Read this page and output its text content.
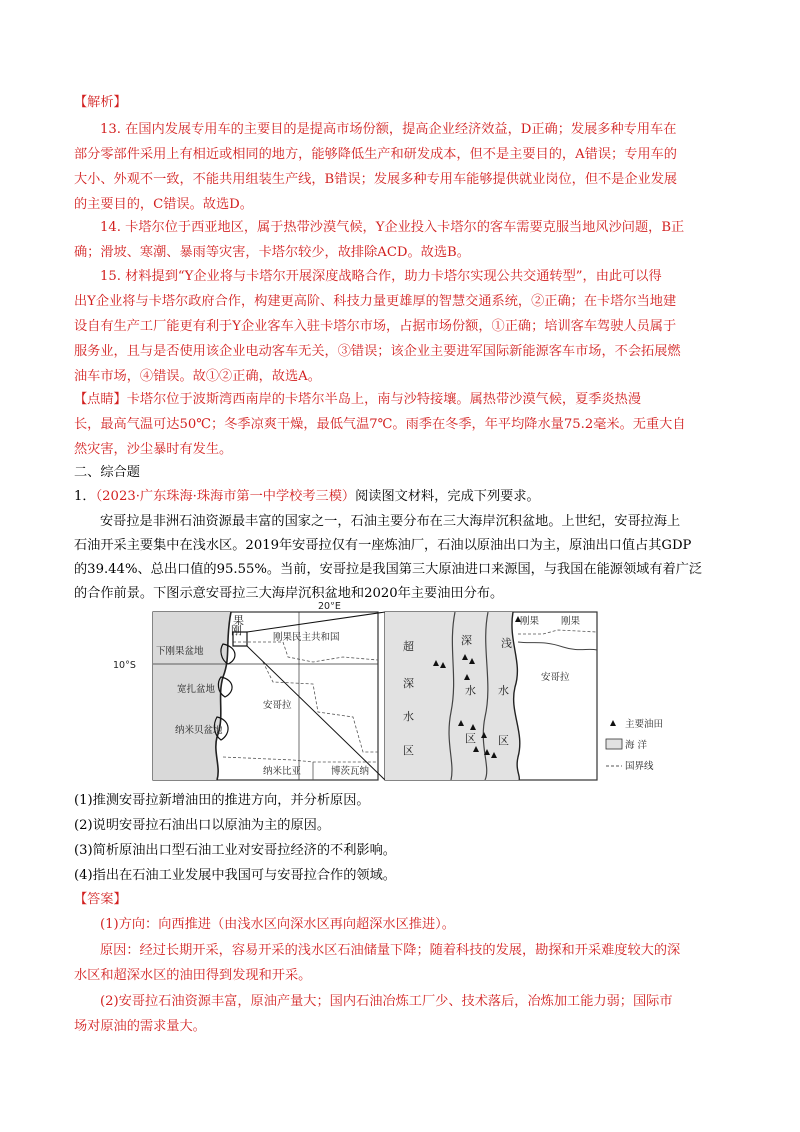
【解析】
13. 在国内发展专用车的主要目的是提高市场份额，提高企业经济效益，D正确；发展多种专用车在
部分零部件采用上有相近或相同的地方，能够降低生产和研发成本，但不是主要目的，A错误；专用车的
大小、外观不一致，不能共用组装生产线，B错误；发展多种专用车能够提供就业岗位，但不是企业发展
的主要目的，C错误。故选D。
14. 卡塔尔位于西亚地区，属于热带沙漠气候，Y企业投入卡塔尔的客车需要克服当地风沙问题，B正
确；滑坡、寒潮、暴雨等灾害，卡塔尔较少，故排除ACD。故选B。
15. 材料提到“Y企业将与卡塔尔开展深度战略合作，助力卡塔尔实现公共交通转型”，由此可以得
出Y企业将与卡塔尔政府合作，构建更高阶、科技力量更雄厚的智慧交通系统，②正确；在卡塔尔当地建
设自有生产工厂能更有利于Y企业客车入驻卡塔尔市场，占据市场份额，①正确；培训客车驾驶人员属于
服务业，且与是否使用该企业电动客车无关，③错误；该企业主要进军国际新能源客车市场，不会拓展燃
油车市场，④错误。故①②正确，故选A。
【点睛】卡塔尔位于波斯湾西南岸的卡塔尔半岛上，南与沙特接壤。属热带沙漠气候，夏季炎热漫
长，最高气温可达50℃；冬季凉爽干燥，最低气温7℃。雨季在冬季，年平均降水量75.2毫米。无重大自
然灾害，沙尘暴时有发生。
二、综合题
1．（2023·广东珠海·珠海市第一中学校考三模）阅读图文材料，完成下列要求。
安哥拉是非洲石油资源最丰富的国家之一，石油主要分布在三大海岸沉积盆地。上世纪，安哥拉海上
石油开采主要集中在浅水区。2019年安哥拉仅有一座炼油厂，石油以原油出口为主，原油出口值占其GDP
的39.44%、总出口值的95.55%。当前，安哥拉是我国第三大原油进口来源国，与我国在能源领域有着广泛
的合作前景。下图示意安哥拉三大海岸沉积盆地和2020年主要油田分布。
20°E
10°S
刚
果
刚果民主共和国
下刚果盆地
宽扎盆地
安哥拉
纳米贝盆地
纳米比亚	博茨瓦纳
超
深
水
区
深
水
区
浅
水
区
刚果 刚果
安哥拉
主要油田
海 洋
国界线
(1)推测安哥拉新增油田的推进方向，并分析原因。
(2)说明安哥拉石油出口以原油为主的原因。
(3)简析原油出口型石油工业对安哥拉经济的不利影响。
(4)指出在石油工业发展中我国可与安哥拉合作的领域。
【答案】
(1)方向：向西推进（由浅水区向深水区再向超深水区推进）。
原因：经过长期开采，容易开采的浅水区石油储量下降；随着科技的发展，勘探和开采难度较大的深
水区和超深水区的油田得到发现和开采。
(2)安哥拉石油资源丰富，原油产量大；国内石油冶炼工厂少、技术落后，冶炼加工能力弱；国际市
场对原油的需求量大。
